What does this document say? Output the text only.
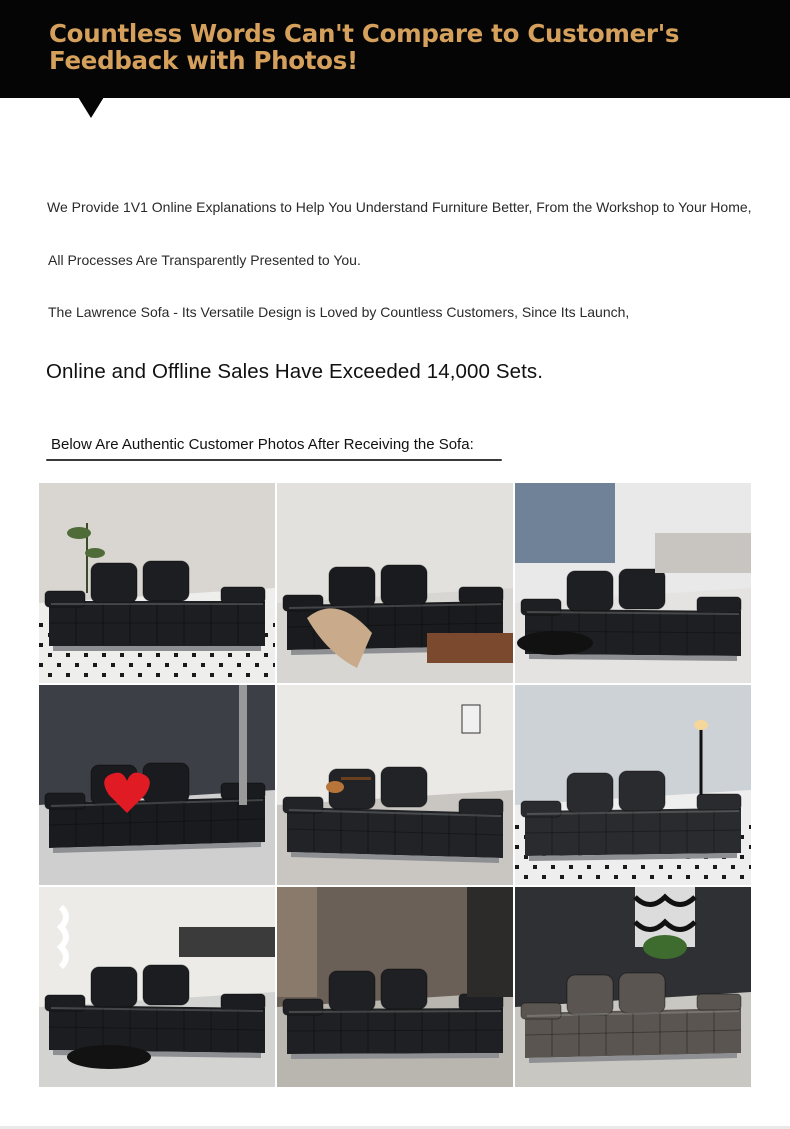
Countless Words Can't Compare to Customer's Feedback with Photos!
We Provide 1V1 Online Explanations to Help You Understand Furniture Better, From the Workshop to Your Home,
All Processes Are Transparently Presented to You.
The Lawrence Sofa - Its Versatile Design is Loved by Countless Customers, Since Its Launch,
Online and Offline Sales Have Exceeded 14,000 Sets.
Below Are Authentic Customer Photos After Receiving the Sofa:
